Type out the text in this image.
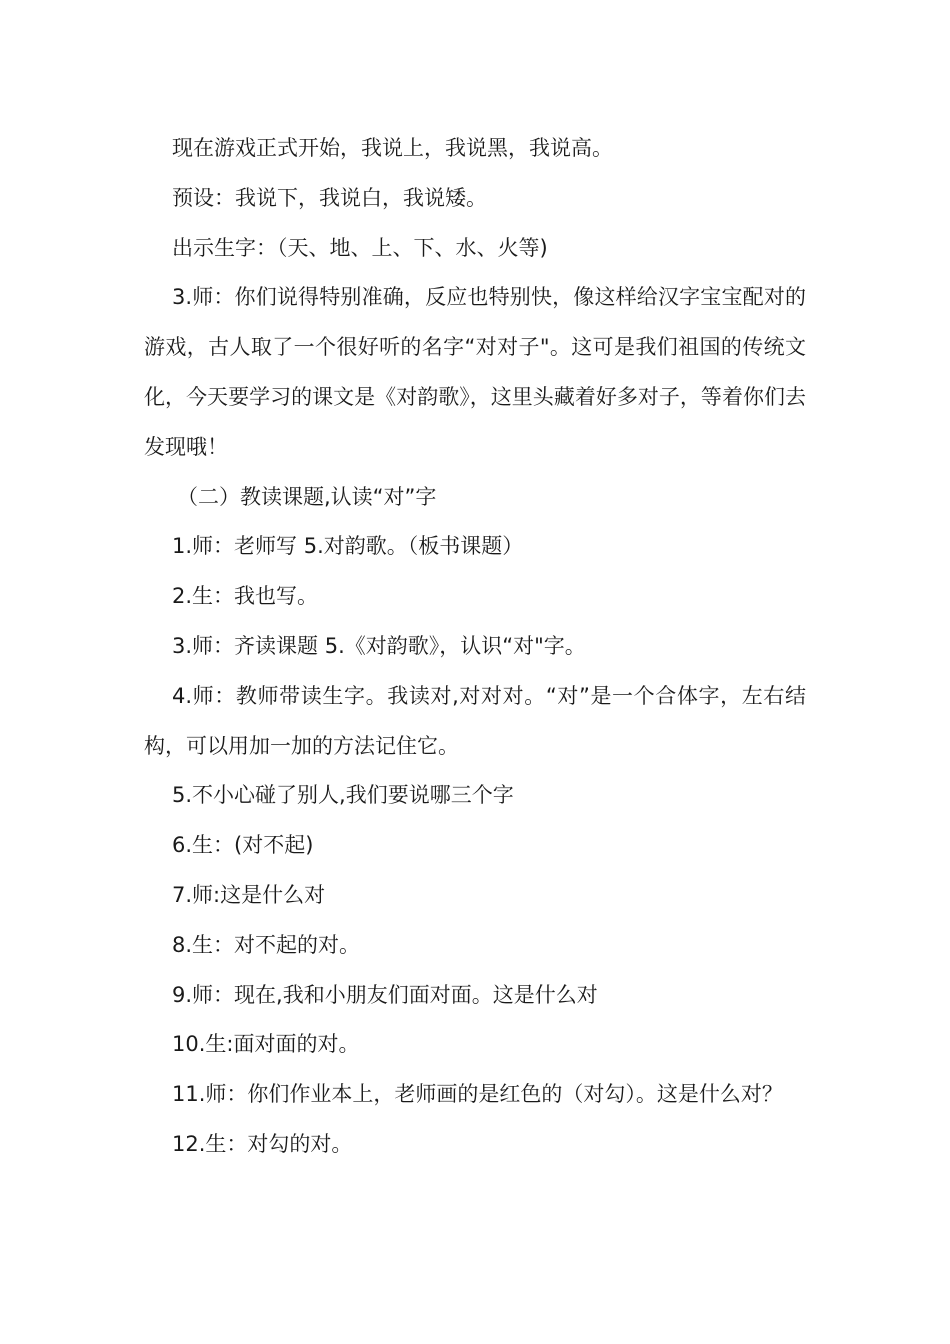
现在游戏正式开始，我说上，我说黑，我说高。

预设：我说下，我说白，我说矮。

出示生字：（天、地、上、下、水、火等)

3.师：你们说得特别准确，反应也特别快，像这样给汉字宝宝配对的游戏，古人取了一个很好听的名字“对对子"。这可是我们祖国的传统文化，今天要学习的课文是《对韵歌》，这里头藏着好多对子，等着你们去发现哦！

（二）教读课题,认读“对”字

1.师：老师写 5.对韵歌。（板书课题）

2.生：我也写。

3.师：齐读课题 5.《对韵歌》，认识“对"字。

4.师：教师带读生字。我读对,对对对。“对”是一个合体字，左右结构，可以用加一加的方法记住它。

5.不小心碰了别人,我们要说哪三个字

6.生：(对不起)

7.师:这是什么对

8.生：对不起的对。

9.师：现在,我和小朋友们面对面。这是什么对

10.生:面对面的对。

11.师：你们作业本上，老师画的是红色的（对勾）。这是什么对？

12.生：对勾的对。
